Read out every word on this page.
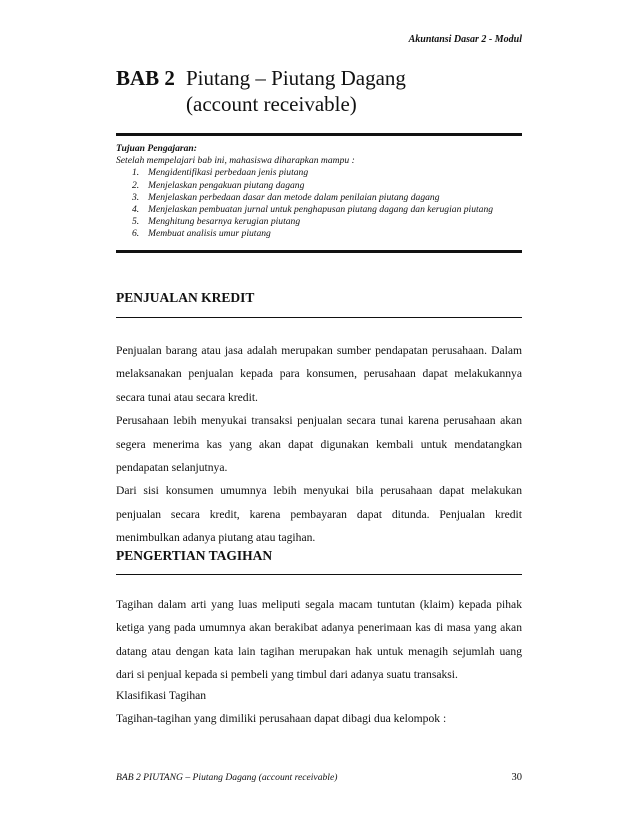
Akuntansi Dasar 2 - Modul
BAB 2 Piutang – Piutang Dagang
(account receivable)
Tujuan Pengajaran:
Setelah mempelajari bab ini, mahasiswa diharapkan mampu :
1. Mengidentifikasi perbedaan jenis piutang
2. Menjelaskan pengakuan piutang dagang
3. Menjelaskan perbedaan dasar dan metode dalam penilaian piutang dagang
4. Menjelaskan pembuatan jurnal untuk penghapusan piutang dagang dan kerugian piutang
5. Menghitung besarnya kerugian piutang
6. Membuat analisis umur piutang
PENJUALAN KREDIT
Penjualan barang atau jasa adalah merupakan sumber pendapatan perusahaan. Dalam
melaksanakan penjualan kepada para konsumen, perusahaan dapat melakukannya
secara tunai atau secara kredit.
Perusahaan lebih menyukai transaksi penjualan secara tunai karena perusahaan akan
segera menerima kas yang akan dapat digunakan kembali untuk mendatangkan
pendapatan selanjutnya.
Dari sisi konsumen umumnya lebih menyukai bila perusahaan dapat melakukan
penjualan secara kredit, karena pembayaran dapat ditunda. Penjualan kredit
menimbulkan adanya piutang atau tagihan.
PENGERTIAN TAGIHAN
Tagihan dalam arti yang luas meliputi segala macam tuntutan (klaim) kepada pihak
ketiga yang pada umumnya akan berakibat adanya penerimaan kas di masa yang akan
datang atau dengan kata lain tagihan merupakan hak untuk menagih sejumlah uang
dari si penjual kepada si pembeli yang timbul dari adanya suatu transaksi.
Klasifikasi Tagihan
Tagihan-tagihan yang dimiliki perusahaan dapat dibagi dua kelompok :
BAB 2 PIUTANG – Piutang Dagang (account receivable)	30
